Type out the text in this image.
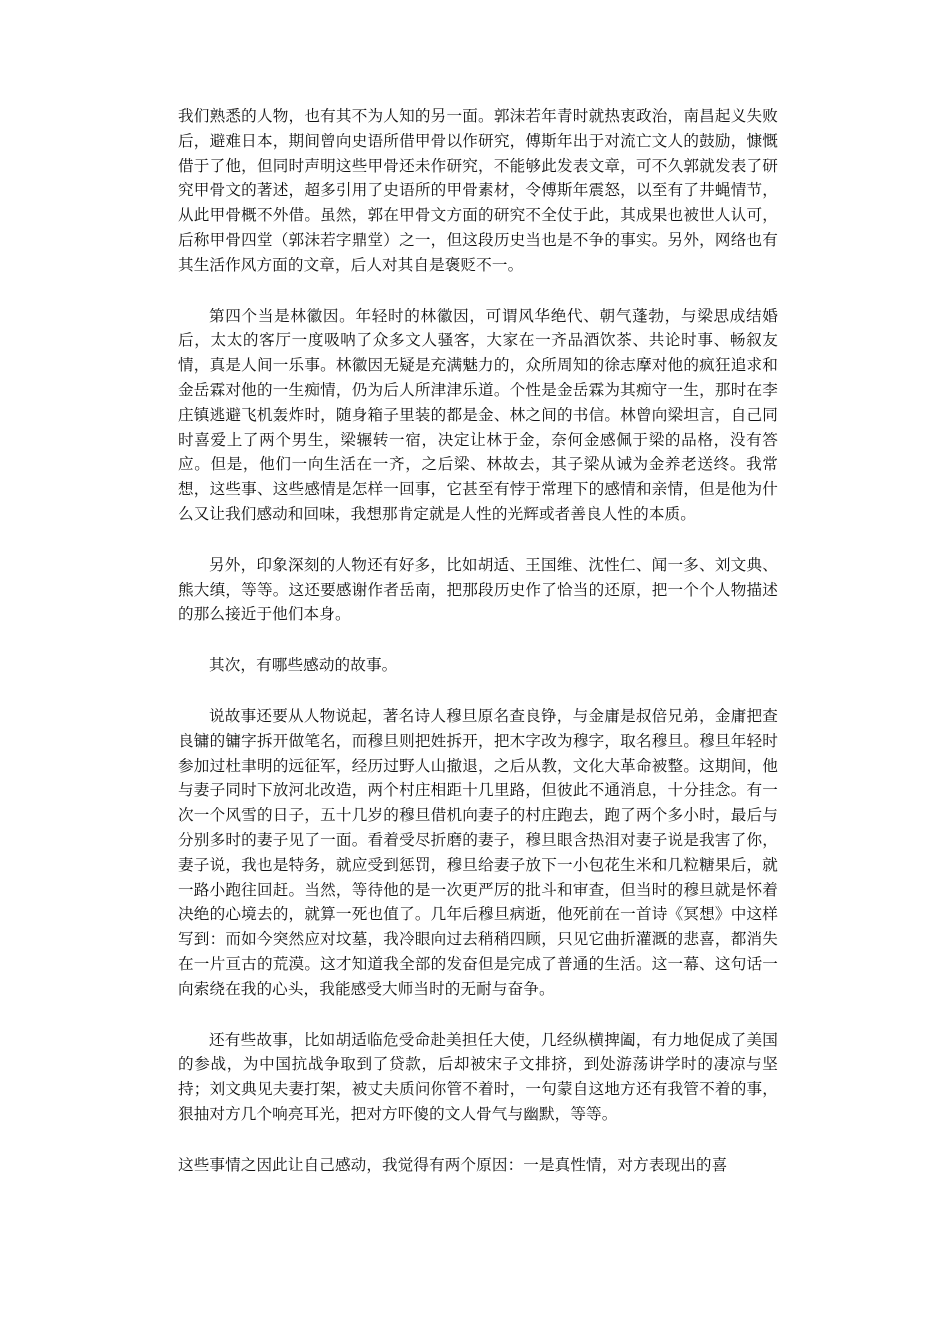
我们熟悉的人物，也有其不为人知的另一面。郭沫若年青时就热衷政治，南昌起义失败后，避难日本，期间曾向史语所借甲骨以作研究，傅斯年出于对流亡文人的鼓励，慷慨借于了他，但同时声明这些甲骨还未作研究，不能够此发表文章，可不久郭就发表了研究甲骨文的著述，超多引用了史语所的甲骨素材，令傅斯年震怒，以至有了井蝇情节，从此甲骨概不外借。虽然，郭在甲骨文方面的研究不全仗于此，其成果也被世人认可，后称甲骨四堂（郭沫若字鼎堂）之一，但这段历史当也是不争的事实。另外，网络也有其生活作风方面的文章，后人对其自是褒贬不一。

第四个当是林徽因。年轻时的林徽因，可谓风华绝代、朝气蓬勃，与梁思成结婚后，太太的客厅一度吸呐了众多文人骚客，大家在一齐品酒饮茶、共论时事、畅叙友情，真是人间一乐事。林徽因无疑是充满魅力的，众所周知的徐志摩对他的疯狂追求和金岳霖对他的一生痴情，仍为后人所津津乐道。个性是金岳霖为其痴守一生，那时在李庄镇逃避飞机轰炸时，随身箱子里装的都是金、林之间的书信。林曾向梁坦言，自己同时喜爱上了两个男生，梁辗转一宿，决定让林于金，奈何金感佩于梁的品格，没有答应。但是，他们一向生活在一齐，之后梁、林故去，其子梁从诫为金养老送终。我常想，这些事、这些感情是怎样一回事，它甚至有悖于常理下的感情和亲情，但是他为什么又让我们感动和回味，我想那肯定就是人性的光辉或者善良人性的本质。

另外，印象深刻的人物还有好多，比如胡适、王国维、沈性仁、闻一多、刘文典、熊大缜，等等。这还要感谢作者岳南，把那段历史作了恰当的还原，把一个个人物描述的那么接近于他们本身。

其次，有哪些感动的故事。

说故事还要从人物说起，著名诗人穆旦原名查良铮，与金庸是叔倍兄弟，金庸把查良镛的镛字拆开做笔名，而穆旦则把姓拆开，把木字改为穆字，取名穆旦。穆旦年轻时参加过杜聿明的远征军，经历过野人山撤退，之后从教，文化大革命被整。这期间，他与妻子同时下放河北改造，两个村庄相距十几里路，但彼此不通消息，十分挂念。有一次一个风雪的日子，五十几岁的穆旦借机向妻子的村庄跑去，跑了两个多小时，最后与分别多时的妻子见了一面。看着受尽折磨的妻子，穆旦眼含热泪对妻子说是我害了你，妻子说，我也是特务，就应受到惩罚，穆旦给妻子放下一小包花生米和几粒糖果后，就一路小跑往回赶。当然，等待他的是一次更严厉的批斗和审查，但当时的穆旦就是怀着决绝的心境去的，就算一死也值了。几年后穆旦病逝，他死前在一首诗《冥想》中这样写到：而如今突然应对坟墓，我冷眼向过去稍稍四顾，只见它曲折灌溉的悲喜，都消失在一片亘古的荒漠。这才知道我全部的发奋但是完成了普通的生活。这一幕、这句话一向索绕在我的心头，我能感受大师当时的无耐与奋争。

还有些故事，比如胡适临危受命赴美担任大使，几经纵横捭阖，有力地促成了美国的参战，为中国抗战争取到了贷款，后却被宋子文排挤，到处游荡讲学时的凄凉与坚持；刘文典见夫妻打架，被丈夫质问你管不着时，一句蒙自这地方还有我管不着的事，狠抽对方几个响亮耳光，把对方吓傻的文人骨气与幽默，等等。

这些事情之因此让自己感动，我觉得有两个原因：一是真性情，对方表现出的喜
